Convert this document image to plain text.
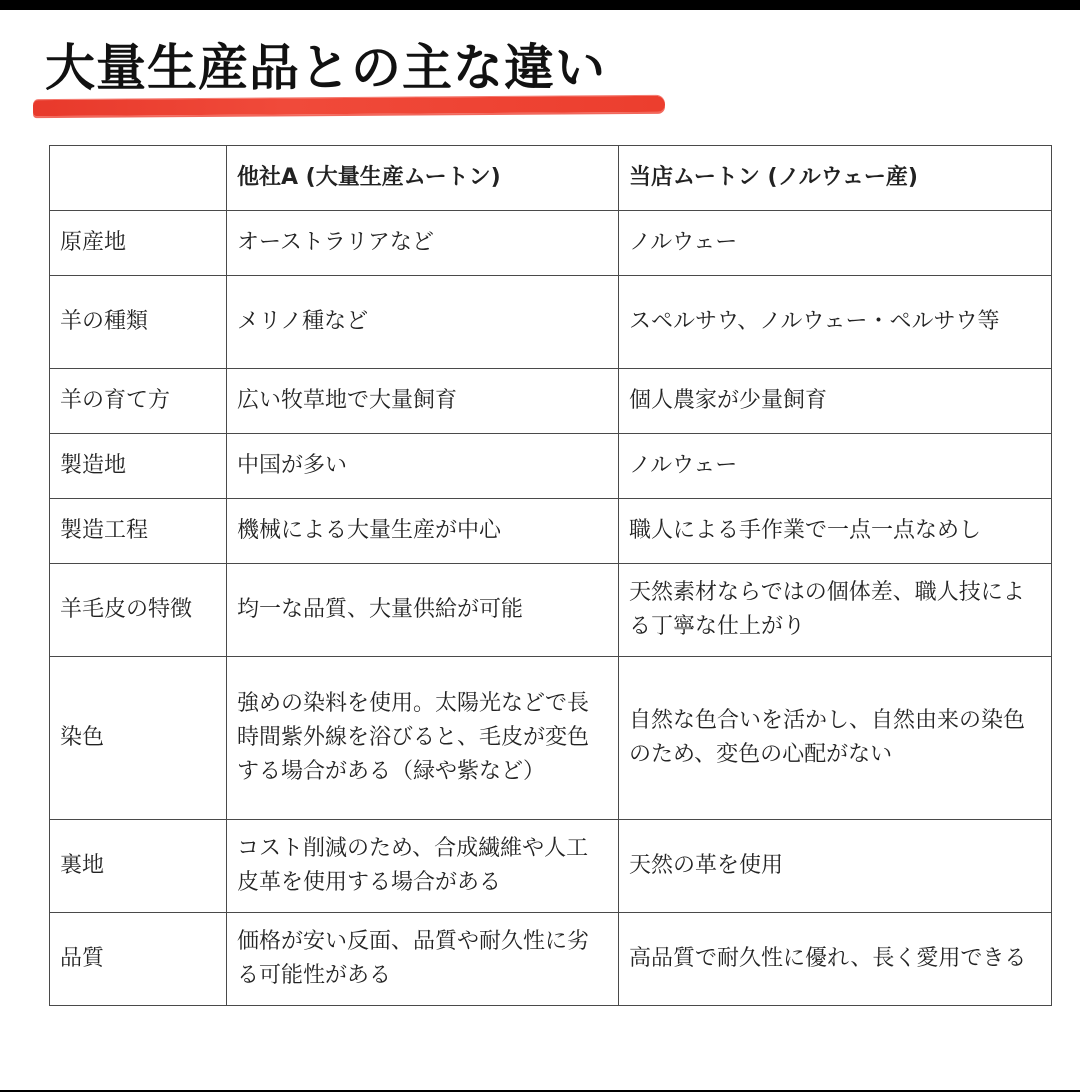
大量生産品との主な違い
	他社A (大量生産ムートン)	当店ムートン (ノルウェー産)
原産地	オーストラリアなど	ノルウェー
羊の種類	メリノ種など	スペルサウ、ノルウェー・ペルサウ等
羊の育て方	広い牧草地で大量飼育	個人農家が少量飼育
製造地	中国が多い	ノルウェー
製造工程	機械による大量生産が中心	職人による手作業で一点一点なめし
羊毛皮の特徴	均一な品質、大量供給が可能	天然素材ならではの個体差、職人技による丁寧な仕上がり
染色	強めの染料を使用。太陽光などで長時間紫外線を浴びると、毛皮が変色する場合がある（緑や紫など）	自然な色合いを活かし、自然由来の染色のため、変色の心配がない
裏地	コスト削減のため、合成繊維や人工皮革を使用する場合がある	天然の革を使用
品質	価格が安い反面、品質や耐久性に劣る可能性がある	高品質で耐久性に優れ、長く愛用できる
